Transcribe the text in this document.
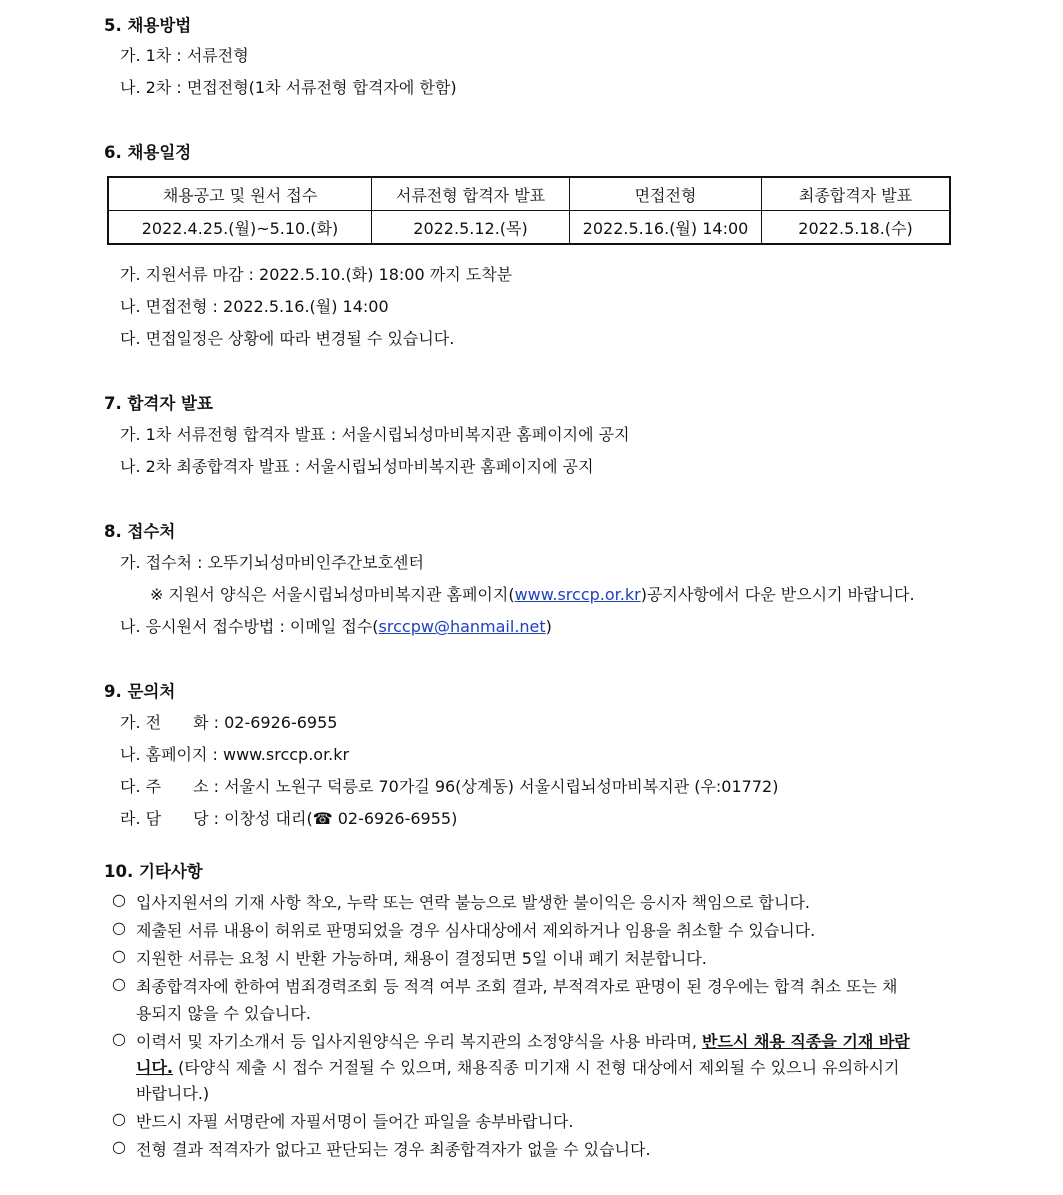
5. 채용방법
가. 1차 : 서류전형
나. 2차 : 면접전형(1차 서류전형 합격자에 한함)
6. 채용일정
채용공고 및 원서 접수	서류전형 합격자 발표	면접전형	최종합격자 발표
2022.4.25.(월)~5.10.(화)	2022.5.12.(목)	2022.5.16.(월) 14:00	2022.5.18.(수)
가. 지원서류 마감 : 2022.5.10.(화) 18:00 까지 도착분
나. 면접전형 : 2022.5.16.(월) 14:00
다. 면접일정은 상황에 따라 변경될 수 있습니다.
7. 합격자 발표
가. 1차 서류전형 합격자 발표 : 서울시립뇌성마비복지관 홈페이지에 공지
나. 2차 최종합격자 발표 : 서울시립뇌성마비복지관 홈페이지에 공지
8. 접수처
가. 접수처 : 오뚜기뇌성마비인주간보호센터
※ 지원서 양식은 서울시립뇌성마비복지관 홈페이지(www.srccp.or.kr)공지사항에서 다운 받으시기 바랍니다.
나. 응시원서 접수방법 : 이메일 접수(srccpw@hanmail.net)
9. 문의처
가. 전　　화 : 02-6926-6955
나. 홈페이지 : www.srccp.or.kr
다. 주　　소 : 서울시 노원구 덕릉로 70가길 96(상계동) 서울시립뇌성마비복지관 (우:01772)
라. 담　　당 : 이창성 대리(☎ 02-6926-6955)
10. 기타사항
○ 입사지원서의 기재 사항 착오, 누락 또는 연락 불능으로 발생한 불이익은 응시자 책임으로 합니다.
○ 제출된 서류 내용이 허위로 판명되었을 경우 심사대상에서 제외하거나 임용을 취소할 수 있습니다.
○ 지원한 서류는 요청 시 반환 가능하며, 채용이 결정되면 5일 이내 폐기 처분합니다.
○ 최종합격자에 한하여 범죄경력조회 등 적격 여부 조회 결과, 부적격자로 판명이 된 경우에는 합격 취소 또는 채
용되지 않을 수 있습니다.
○ 이력서 및 자기소개서 등 입사지원양식은 우리 복지관의 소정양식을 사용 바라며, 반드시 채용 직종을 기재 바람
니다. (타양식 제출 시 접수 거절될 수 있으며, 채용직종 미기재 시 전형 대상에서 제외될 수 있으니 유의하시기
바랍니다.)
○ 반드시 자필 서명란에 자필서명이 들어간 파일을 송부바랍니다.
○ 전형 결과 적격자가 없다고 판단되는 경우 최종합격자가 없을 수 있습니다.
